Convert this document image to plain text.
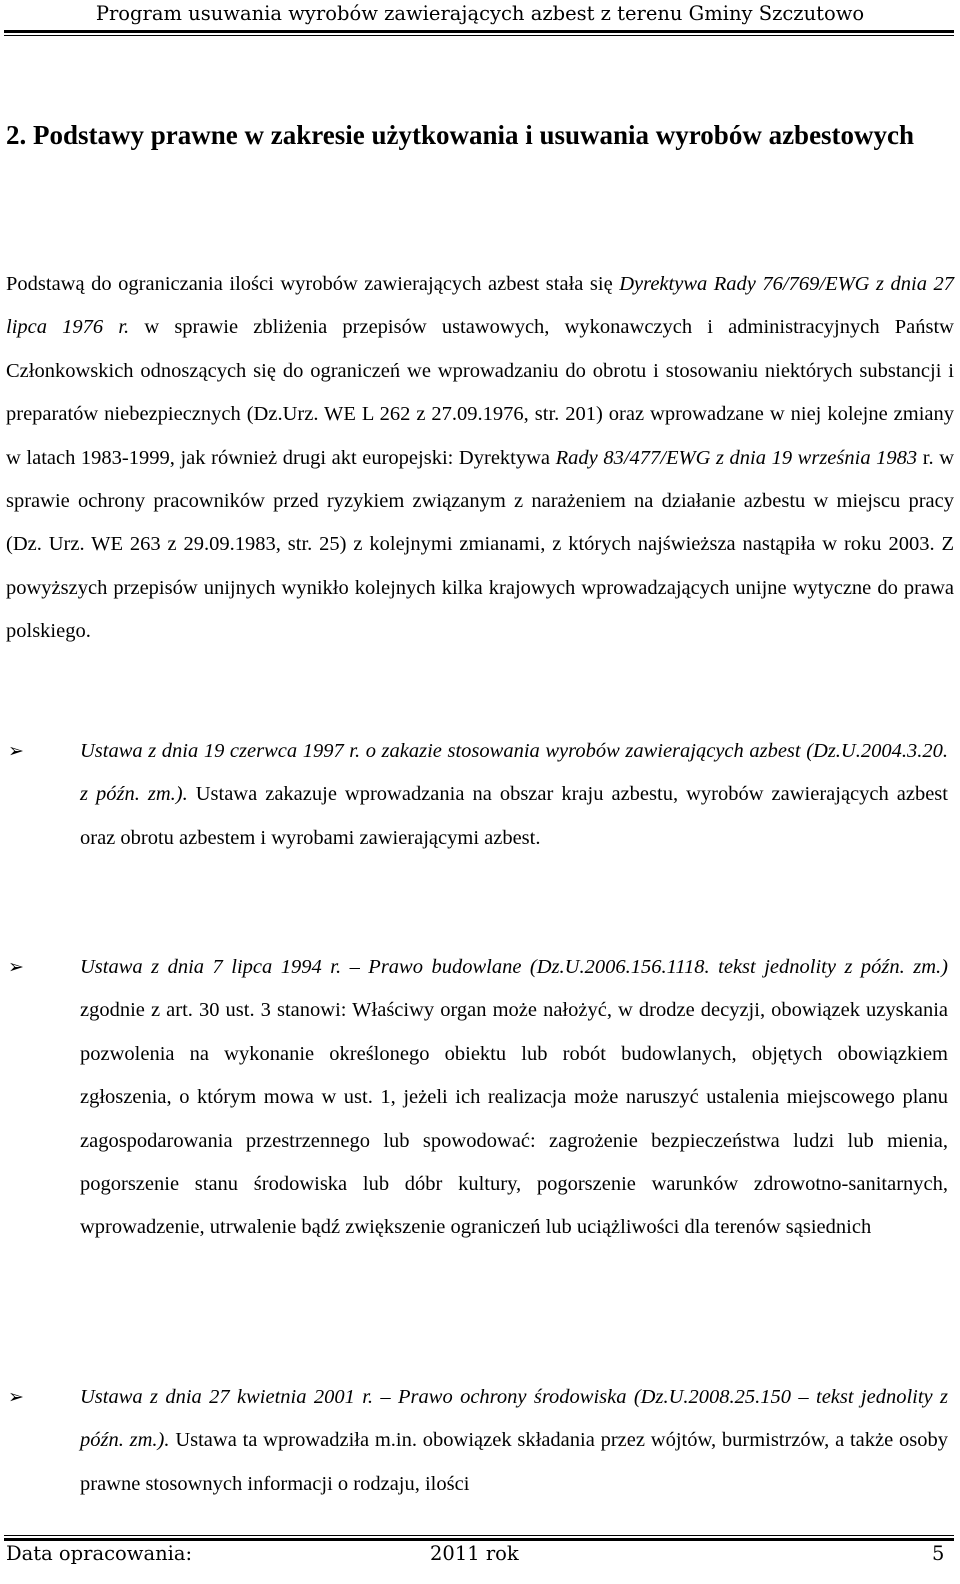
Program usuwania wyrobów zawierających azbest z terenu Gminy Szczutowo
2. Podstawy prawne w zakresie użytkowania i usuwania wyrobów azbestowych
Podstawą do ograniczania ilości wyrobów zawierających azbest stała się Dyrektywa Rady 76/769/EWG z dnia 27 lipca 1976 r. w sprawie zbliżenia przepisów ustawowych, wykonawczych i administracyjnych Państw Członkowskich odnoszących się do ograniczeń we wprowadzaniu do obrotu i stosowaniu niektórych substancji i preparatów niebezpiecznych (Dz.Urz. WE L 262 z 27.09.1976, str. 201) oraz wprowadzane w niej kolejne zmiany w latach 1983-1999, jak również drugi akt europejski: Dyrektywa Rady 83/477/EWG z dnia 19 września 1983 r. w sprawie ochrony pracowników przed ryzykiem związanym z narażeniem na działanie azbestu w miejscu pracy (Dz. Urz. WE 263 z 29.09.1983, str. 25) z kolejnymi zmianami, z których najświeższa nastąpiła w roku 2003. Z powyższych przepisów unijnych wynikło kolejnych kilka krajowych wprowadzających unijne wytyczne do prawa polskiego.
➢	Ustawa z dnia 19 czerwca 1997 r. o zakazie stosowania wyrobów zawierających azbest (Dz.U.2004.3.20. z późn. zm.). Ustawa zakazuje wprowadzania na obszar kraju azbestu, wyrobów zawierających azbest oraz obrotu azbestem i wyrobami zawierającymi azbest.
➢	Ustawa z dnia 7 lipca 1994 r. – Prawo budowlane (Dz.U.2006.156.1118. tekst jednolity z późn. zm.) zgodnie z art. 30 ust. 3 stanowi: Właściwy organ może nałożyć, w drodze decyzji, obowiązek uzyskania pozwolenia na wykonanie określonego obiektu lub robót budowlanych, objętych obowiązkiem zgłoszenia, o którym mowa w ust. 1, jeżeli ich realizacja może naruszyć ustalenia miejscowego planu zagospodarowania przestrzennego lub spowodować: zagrożenie bezpieczeństwa ludzi lub mienia, pogorszenie stanu środowiska lub dóbr kultury, pogorszenie warunków zdrowotno-sanitarnych, wprowadzenie, utrwalenie bądź zwiększenie ograniczeń lub uciążliwości dla terenów sąsiednich
➢	Ustawa z dnia 27 kwietnia 2001 r. – Prawo ochrony środowiska (Dz.U.2008.25.150 – tekst jednolity z późn. zm.). Ustawa ta wprowadziła m.in. obowiązek składania przez wójtów, burmistrzów, a także osoby prawne stosownych informacji o rodzaju, ilości
Data opracowania:	2011 rok	5
